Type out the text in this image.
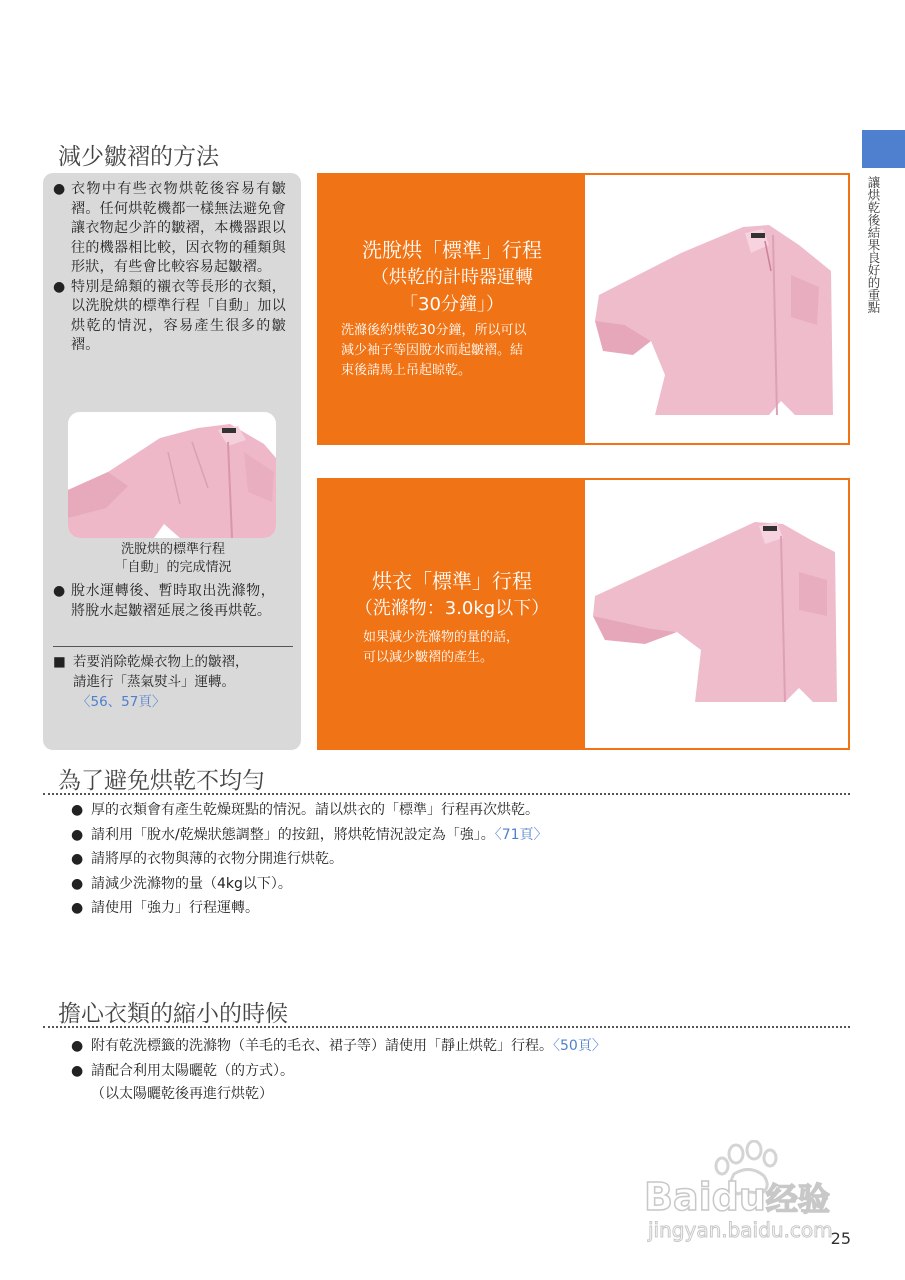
讓烘乾後結果良好的重點
減少皺褶的方法
● 衣物中有些衣物烘乾後容易有皺褶。任何烘乾機都一樣無法避免會讓衣物起少許的皺褶，本機器跟以往的機器相比較，因衣物的種類與形狀，有些會比較容易起皺褶。
● 特別是綿類的襯衣等長形的衣類，以洗脫烘的標準行程「自動」加以烘乾的情況，容易產生很多的皺褶。
洗脫烘的標準行程
「自動」的完成情況
● 脫水運轉後、暫時取出洗滌物，將脫水起皺褶延展之後再烘乾。
■ 若要消除乾燥衣物上的皺褶，
請進行「蒸氣熨斗」運轉。
〈56、57頁〉
洗脫烘「標準」行程
（烘乾的計時器運轉
「30分鐘」）
洗滌後約烘乾30分鐘，所以可以
減少袖子等因脫水而起皺褶。結
束後請馬上吊起晾乾。
烘衣「標準」行程
（洗滌物：3.0kg以下）
如果減少洗滌物的量的話，
可以減少皺褶的產生。
為了避免烘乾不均勻
● 厚的衣類會有產生乾燥斑點的情況。請以烘衣的「標準」行程再次烘乾。
● 請利用「脫水/乾燥狀態調整」的按鈕，將烘乾情況設定為「強」。〈71頁〉
● 請將厚的衣物與薄的衣物分開進行烘乾。
● 請減少洗滌物的量（4kg以下）。
● 請使用「強力」行程運轉。
擔心衣類的縮小的時候
● 附有乾洗標籤的洗滌物（羊毛的毛衣、裙子等）請使用「靜止烘乾」行程。〈50頁〉
● 請配合利用太陽曬乾（的方式）。
（以太陽曬乾後再進行烘乾）
Baidu经验
jingyan.baidu.com
25
